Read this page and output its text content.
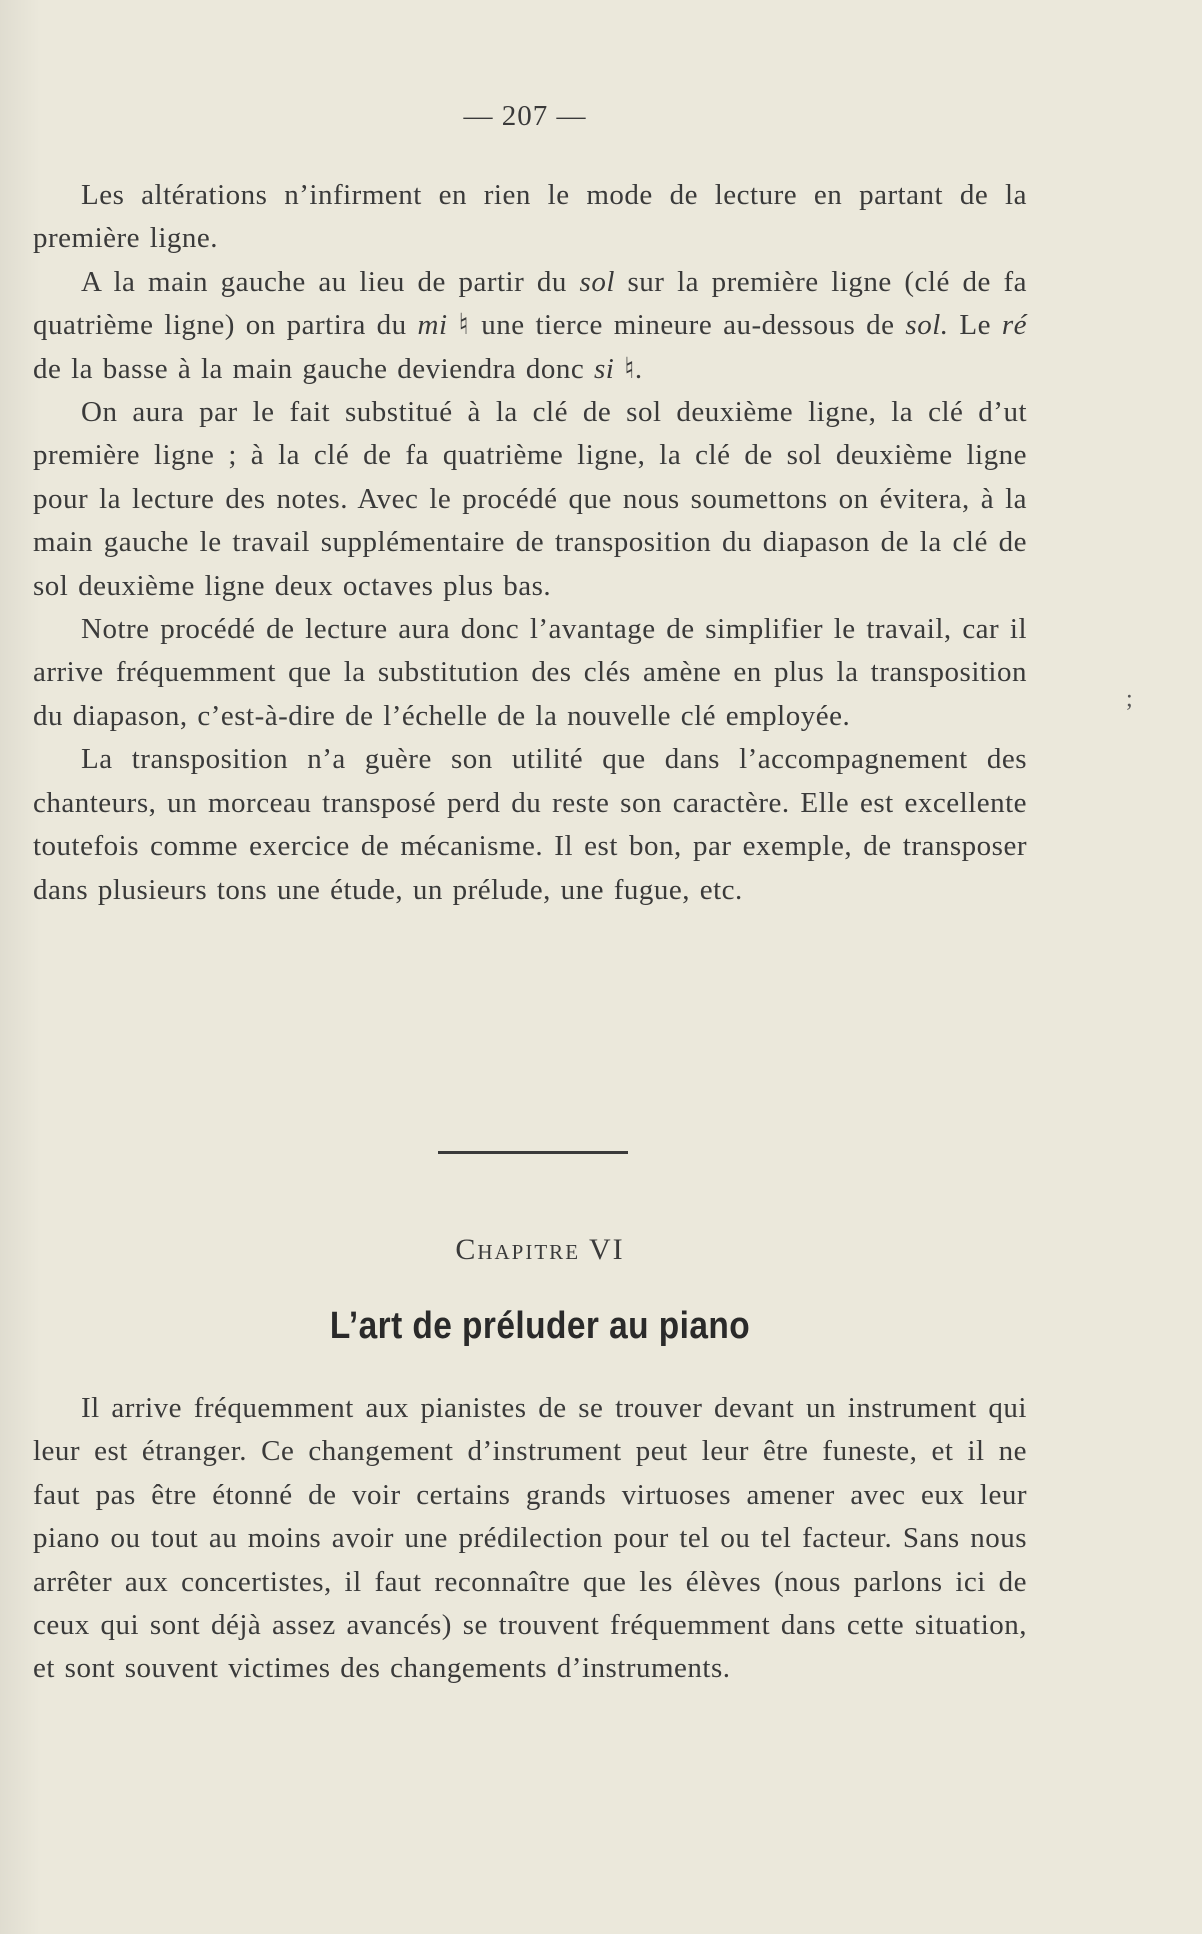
— 207 —

Les altérations n’infirment en rien le mode de lecture en partant de la première ligne.

A la main gauche au lieu de partir du sol sur la première ligne (clé de fa quatrième ligne) on partira du mi ♮ une tierce mineure au-dessous de sol. Le ré de la basse à la main gauche deviendra donc si ♮.

On aura par le fait substitué à la clé de sol deuxième ligne, la clé d’ut première ligne ; à la clé de fa quatrième ligne, la clé de sol deuxième ligne pour la lecture des notes. Avec le procédé que nous soumettons on évitera, à la main gauche le travail supplémentaire de transposition du diapason de la clé de sol deuxième ligne deux octaves plus bas.

Notre procédé de lecture aura donc l’avantage de simplifier le travail, car il arrive fréquemment que la substitution des clés amène en plus la transposition du diapason, c’est-à-dire de l’échelle de la nouvelle clé employée.

La transposition n’a guère son utilité que dans l’accompagnement des chanteurs, un morceau transposé perd du reste son caractère. Elle est excellente toutefois comme exercice de mécanisme. Il est bon, par exemple, de transposer dans plusieurs tons une étude, un prélude, une fugue, etc.

Chapitre VI
L’art de préluder au piano

Il arrive fréquemment aux pianistes de se trouver devant un instrument qui leur est étranger. Ce changement d’instrument peut leur être funeste, et il ne faut pas être étonné de voir certains grands virtuoses amener avec eux leur piano ou tout au moins avoir une prédilection pour tel ou tel facteur. Sans nous arrêter aux concertistes, il faut reconnaître que les élèves (nous parlons ici de ceux qui sont déjà assez avancés) se trouvent fréquemment dans cette situation, et sont souvent victimes des changements d’instruments.

;
